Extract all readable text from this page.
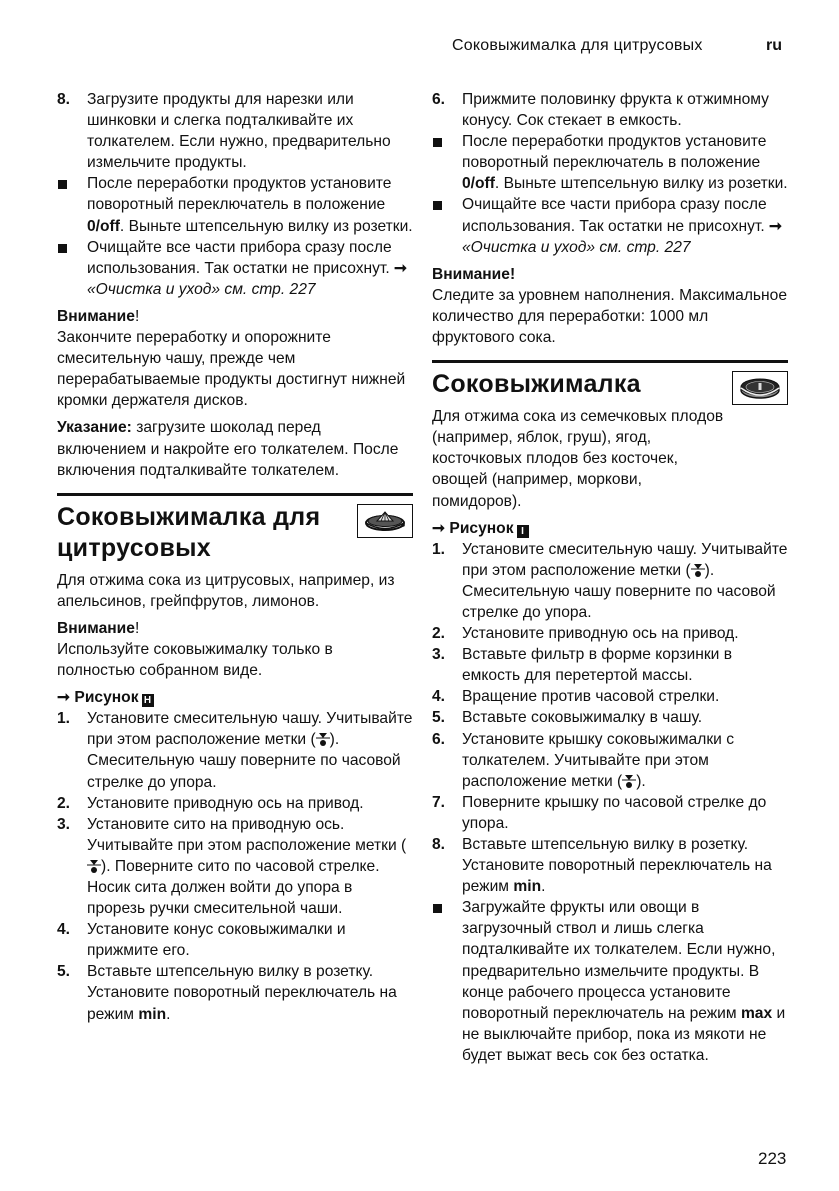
Соковыжималка для цитрусовых	ru
8. Загрузите продукты для нарезки или шинковки и слегка подталкивайте их толкателем. Если нужно, предварительно измельчите продукты.
После переработки продуктов установите поворотный переключатель в положение 0/off. Выньте штепсельную вилку из розетки.
Очищайте все части прибора сразу после использования. Так остатки не присохнут. ➞ «Очистка и уход» см. стр. 227

Внимание!

Закончите переработку и опорожните смесительную чашу, прежде чем перерабатываемые продукты достигнут нижней кромки держателя дисков.

Указание: загрузите шоколад перед включением и накройте его толкателем. После включения подталкивайте толкателем.

Соковыжималка для цитрусовых

Для отжима сока из цитрусовых, например, из апельсинов, грейпфрутов, лимонов.

Внимание!

Используйте соковыжималку только в полностью собранном виде.

➞ Рисунок H

1. Установите смесительную чашу. Учитывайте при этом расположение метки ( ). Смесительную чашу поверните по часовой стрелке до упора.
2. Установите приводную ось на привод.
3. Установите сито на приводную ось. Учитывайте при этом расположение метки (). Поверните сито по часовой стрелке. Носик сита должен войти до упора в прорезь ручки смесительной чаши.
4. Установите конус соковыжималки и прижмите его.
5. Вставьте штепсельную вилку в розетку. Установите поворотный переключатель на режим min.
6. Прижмите половинку фрукта к отжимному конусу. Сок стекает в емкость.
После переработки продуктов установите поворотный переключатель в положение 0/off. Выньте штепсельную вилку из розетки.
Очищайте все части прибора сразу после использования. Так остатки не присохнут. ➞ «Очистка и уход» см. стр. 227

Внимание!

Следите за уровнем наполнения. Максимальное количество для переработки: 1000 мл фруктового сока.

Соковыжималка

Для отжима сока из семечковых плодов (например, яблок, груш), ягод, косточковых плодов без косточек, овощей (например, моркови, помидоров).

➞ Рисунок I

1. Установите смесительную чашу. Учитывайте при этом расположение метки ( ). Смесительную чашу поверните по часовой стрелке до упора.
2. Установите приводную ось на привод.
3. Вставьте фильтр в форме корзинки в емкость для перетертой массы.
4. Вращение против часовой стрелки.
5. Вставьте соковыжималку в чашу.
6. Установите крышку соковыжималки с толкателем. Учитывайте при этом расположение метки ( ).
7. Поверните крышку по часовой стрелке до упора.
8. Вставьте штепсельную вилку в розетку. Установите поворотный переключатель на режим min.
Загружайте фрукты или овощи в загрузочный ствол и лишь слегка подталкивайте их толкателем. Если нужно, предварительно измельчите продукты. В конце рабочего процесса установите поворотный переключатель на режим max и не выключайте прибор, пока из мякоти не будет выжат весь сок без остатка.
223
